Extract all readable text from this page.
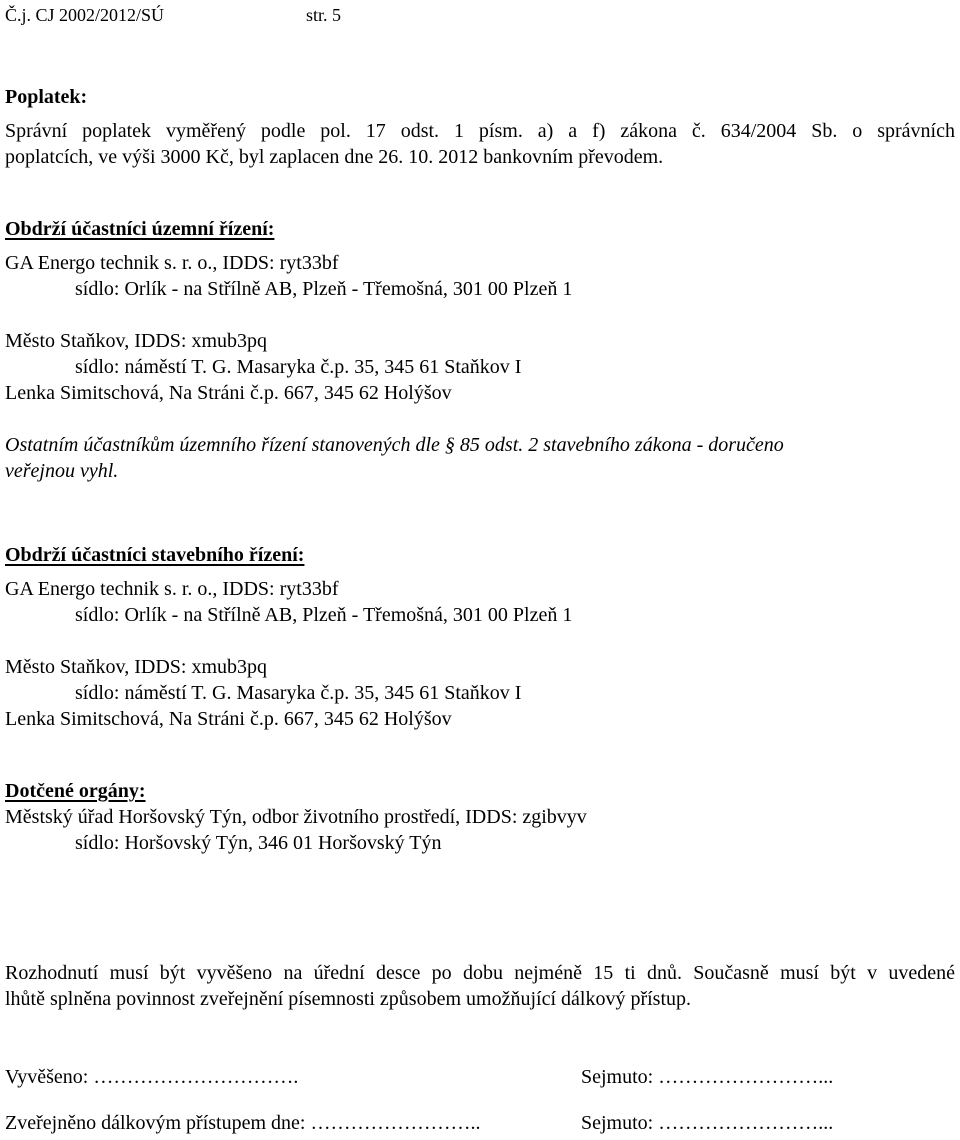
Č.j. CJ 2002/2012/SÚ	str. 5
Poplatek:
Správní poplatek vyměřený podle pol. 17 odst. 1 písm. a) a f) zákona č. 634/2004 Sb. o správních
poplatcích, ve výši 3000 Kč, byl zaplacen dne 26. 10. 2012 bankovním převodem.
Obdrží účastníci územní řízení:
GA Energo technik s. r. o., IDDS: ryt33bf
sídlo: Orlík - na Střílně AB, Plzeň - Třemošná, 301 00 Plzeň 1
Město Staňkov, IDDS: xmub3pq
sídlo: náměstí T. G. Masaryka č.p. 35, 345 61 Staňkov I
Lenka Simitschová, Na Stráni č.p. 667, 345 62 Holýšov
Ostatním účastníkům územního řízení stanovených dle § 85 odst. 2 stavebního zákona - doručeno
veřejnou vyhl.
Obdrží účastníci stavebního řízení:
GA Energo technik s. r. o., IDDS: ryt33bf
sídlo: Orlík - na Střílně AB, Plzeň - Třemošná, 301 00 Plzeň 1
Město Staňkov, IDDS: xmub3pq
sídlo: náměstí T. G. Masaryka č.p. 35, 345 61 Staňkov I
Lenka Simitschová, Na Stráni č.p. 667, 345 62 Holýšov
Dotčené orgány:
Městský úřad Horšovský Týn, odbor životního prostředí, IDDS: zgibvyv
sídlo: Horšovský Týn, 346 01 Horšovský Týn
Rozhodnutí musí být vyvěšeno na úřední desce po dobu nejméně 15 ti dnů. Současně musí být v uvedené
lhůtě splněna povinnost zveřejnění písemnosti způsobem umožňující dálkový přístup.
Vyvěšeno: ………………………….	Sejmuto: ……………………...
Zveřejněno dálkovým přístupem dne: ……………………..	Sejmuto: ……………………...
